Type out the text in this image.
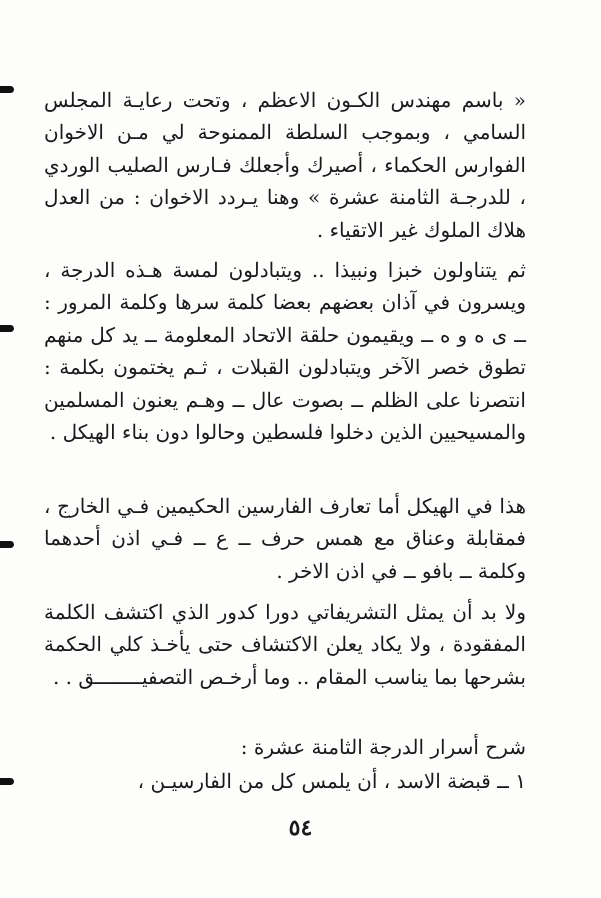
« باسم مهندس الكـون الاعظم ، وتحت رعايـة المجلس السامي ، وبموجب السلطة الممنوحة لي مـن الاخوان الفوارس الحكماء ، أصيرك وأجعلك فـارس الصليب الوردي ، للدرجـة الثامنة عشرة » وهنا يـردد الاخوان : من العدل هلاك الملوك غير الاتقياء .

ثم يتناولون خبزا ونبيذا .. ويتبادلون لمسة هـذه الدرجة ، ويسرون في آذان بعضهم بعضا كلمة سرها وكلمة المرور : ــ ى ه و ه ــ ويقيمون حلقة الاتحاد المعلومة ــ يد كل منهم تطوق خصر الآخر ويتبادلون القبلات ، ثـم يختمون بكلمة : انتصرنا على الظلم ــ بصوت عال ــ وهـم يعنون المسلمين والمسيحيين الذين دخلوا فلسطين وحالوا دون بناء الهيكل .

هذا في الهيكل أما تعارف الفارسين الحكيمين فـي الخارج ، فمقابلة وعناق مع همس حرف ــ ع ــ فـي اذن أحدهما وكلمة ــ بافو ــ في اذن الاخر .

ولا بد أن يمثل التشريفاتي دورا كدور الذي اكتشف الكلمة المفقودة ، ولا يكاد يعلن الاكتشاف حتى يأخـذ كلي الحكمة بشرحها بما يناسب المقام .. وما أرخـص التصفيــــــــق . .

شرح أسرار الدرجة الثامنة عشرة :

١ ــ قبضة الاسد ، أن يلمس كل من الفارسيـن ،

٥٤
